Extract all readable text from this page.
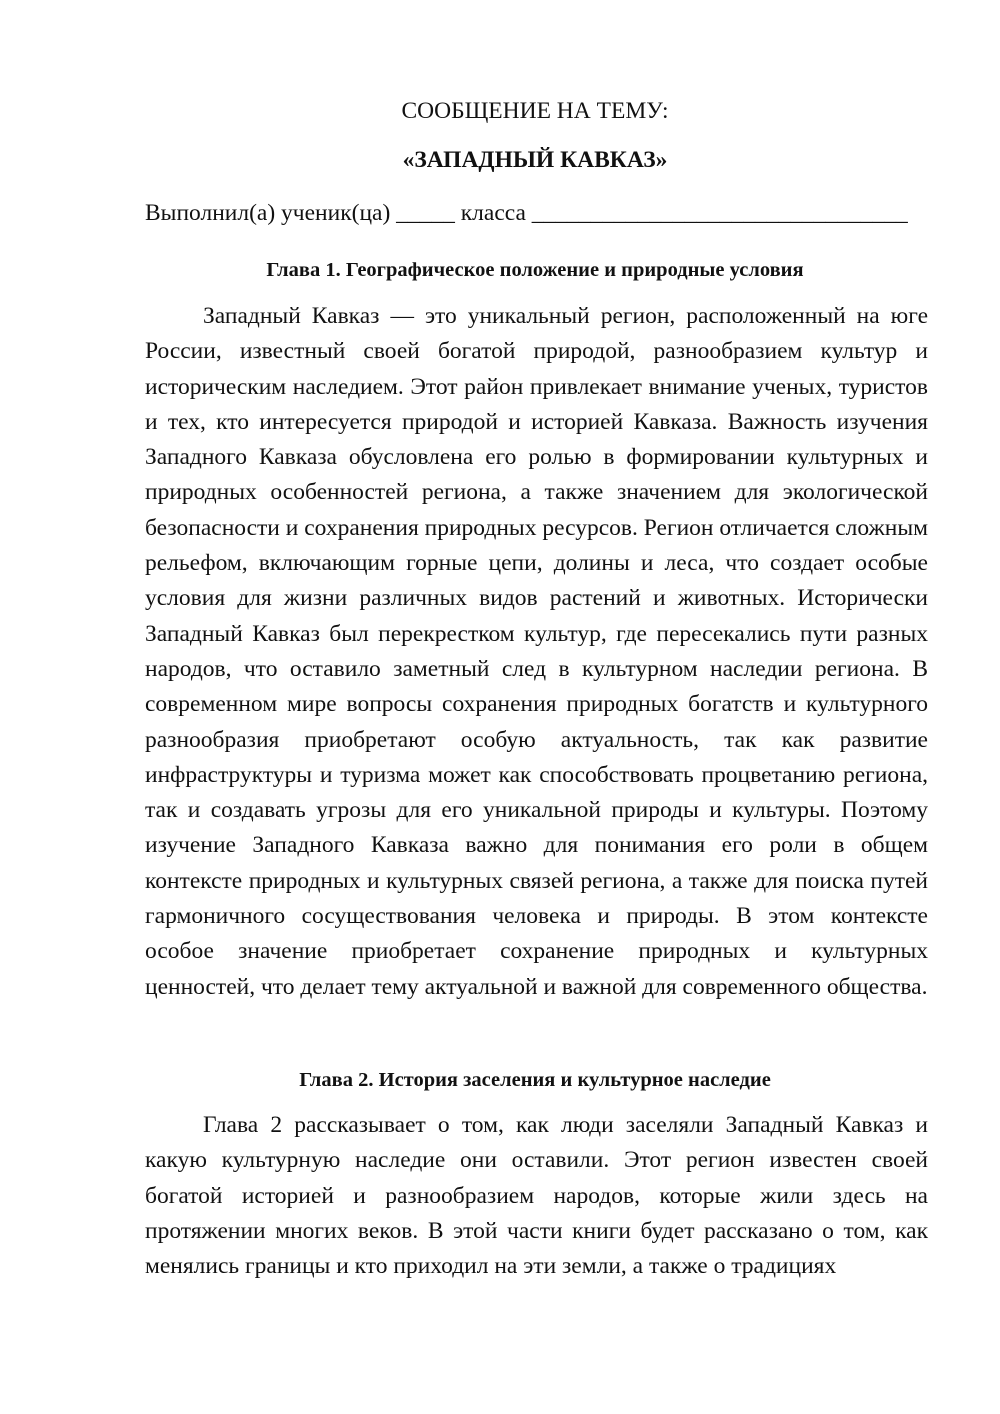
СООБЩЕНИЕ НА ТЕМУ:
«ЗАПАДНЫЙ КАВКАЗ»
Выполнил(а) ученик(ца) _____ класса ________________________________
Глава 1. Географическое положение и природные условия

Западный Кавказ — это уникальный регион, расположенный на юге России, известный своей богатой природой, разнообразием культур и историческим наследием. Этот район привлекает внимание ученых, туристов и тех, кто интересуется природой и историей Кавказа. Важность изучения Западного Кавказа обусловлена его ролью в формировании культурных и природных особенностей региона, а также значением для экологической безопасности и сохранения природных ресурсов. Регион отличается сложным рельефом, включающим горные цепи, долины и леса, что создает особые условия для жизни различных видов растений и животных. Исторически Западный Кавказ был перекрестком культур, где пересекались пути разных народов, что оставило заметный след в культурном наследии региона. В современном мире вопросы сохранения природных богатств и культурного разнообразия приобретают особую актуальность, так как развитие инфраструктуры и туризма может как способствовать процветанию региона, так и создавать угрозы для его уникальной природы и культуры. Поэтому изучение Западного Кавказа важно для понимания его роли в общем контексте природных и культурных связей региона, а также для поиска путей гармоничного сосуществования человека и природы. В этом контексте особое значение приобретает сохранение природных и культурных ценностей, что делает тему актуальной и важной для современного общества.

Глава 2. История заселения и культурное наследие

Глава 2 рассказывает о том, как люди заселяли Западный Кавказ и какую культурную наследие они оставили. Этот регион известен своей богатой историей и разнообразием народов, которые жили здесь на протяжении многих веков. В этой части книги будет рассказано о том, как менялись границы и кто приходил на эти земли, а также о традициях
